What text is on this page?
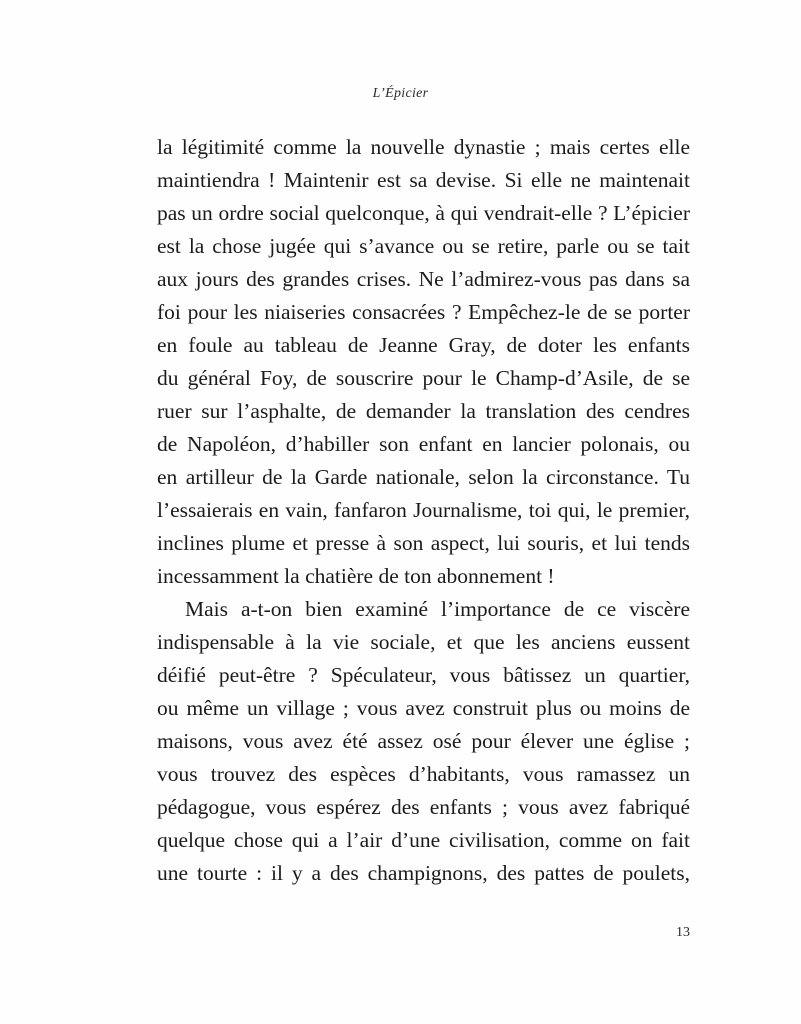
L’Épicier

la légitimité comme la nouvelle dynastie ; mais certes elle
maintiendra ! Maintenir est sa devise. Si elle ne maintenait
pas un ordre social quelconque, à qui vendrait-elle ? L’épicier
est la chose jugée qui s’avance ou se retire, parle ou se tait
aux jours des grandes crises. Ne l’admirez-vous pas dans sa
foi pour les niaiseries consacrées ? Empêchez-le de se porter
en foule au tableau de Jeanne Gray, de doter les enfants
du général Foy, de souscrire pour le Champ-d’Asile, de se
ruer sur l’asphalte, de demander la translation des cendres
de Napoléon, d’habiller son enfant en lancier polonais, ou
en artilleur de la Garde nationale, selon la circonstance. Tu
l’essaierais en vain, fanfaron Journalisme, toi qui, le premier,
inclines plume et presse à son aspect, lui souris, et lui tends
incessamment la chatière de ton abonnement !

Mais a-t-on bien examiné l’importance de ce viscère
indispensable à la vie sociale, et que les anciens eussent
déifié peut-être ? Spéculateur, vous bâtissez un quartier,
ou même un village ; vous avez construit plus ou moins de
maisons, vous avez été assez osé pour élever une église ;
vous trouvez des espèces d’habitants, vous ramassez un
pédagogue, vous espérez des enfants ; vous avez fabriqué
quelque chose qui a l’air d’une civilisation, comme on fait
une tourte : il y a des champignons, des pattes de poulets,

13
